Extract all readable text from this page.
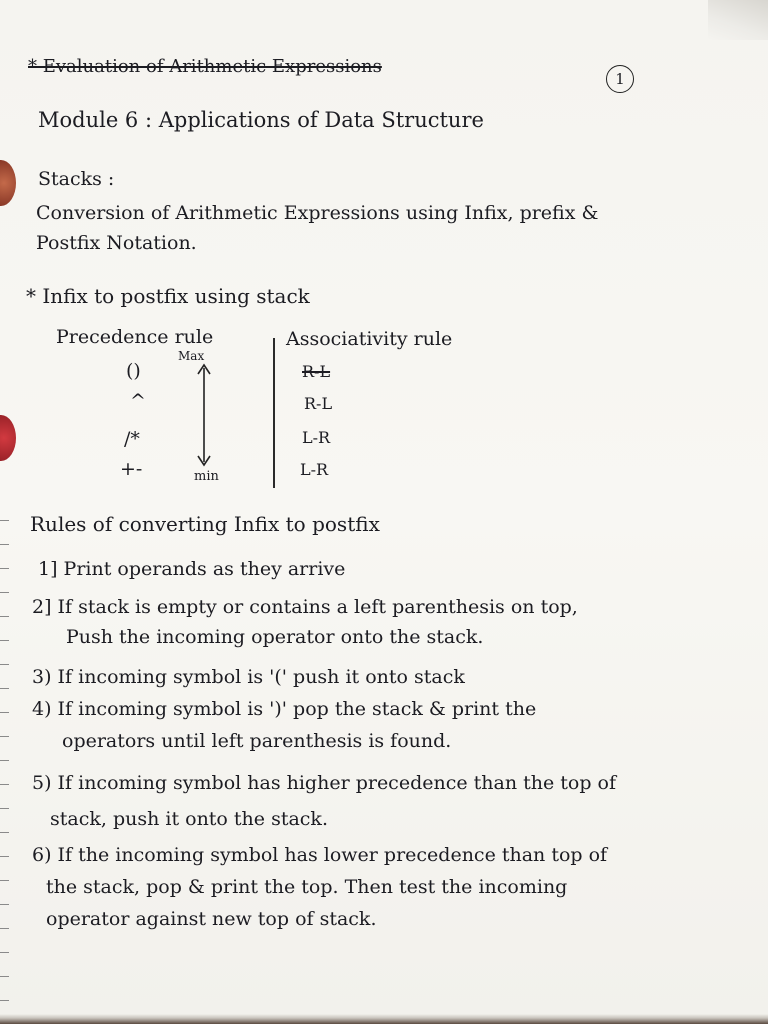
* Evaluation of Arithmetic Expressions
1
Module 6 : Applications of Data Structure
Stacks :
Conversion of Arithmetic Expressions using Infix, prefix &
Postfix Notation.
* Infix to postfix using stack
Precedence rule
Max
()
^
/*
+-	min
Associativity rule
R-L
R-L
L-R
L-R
Rules of converting Infix to postfix
1] Print operands as they arrive
2] If stack is empty or contains a left parenthesis on top,
Push the incoming operator onto the stack.
3) If incoming symbol is '(' push it onto stack
4) If incoming symbol is ')' pop the stack & print the
operators until left parenthesis is found.
5) If incoming symbol has higher precedence than the top of
stack, push it onto the stack.
6) If the incoming symbol has lower precedence than top of
the stack, pop & print the top. Then test the incoming
operator against new top of stack.
